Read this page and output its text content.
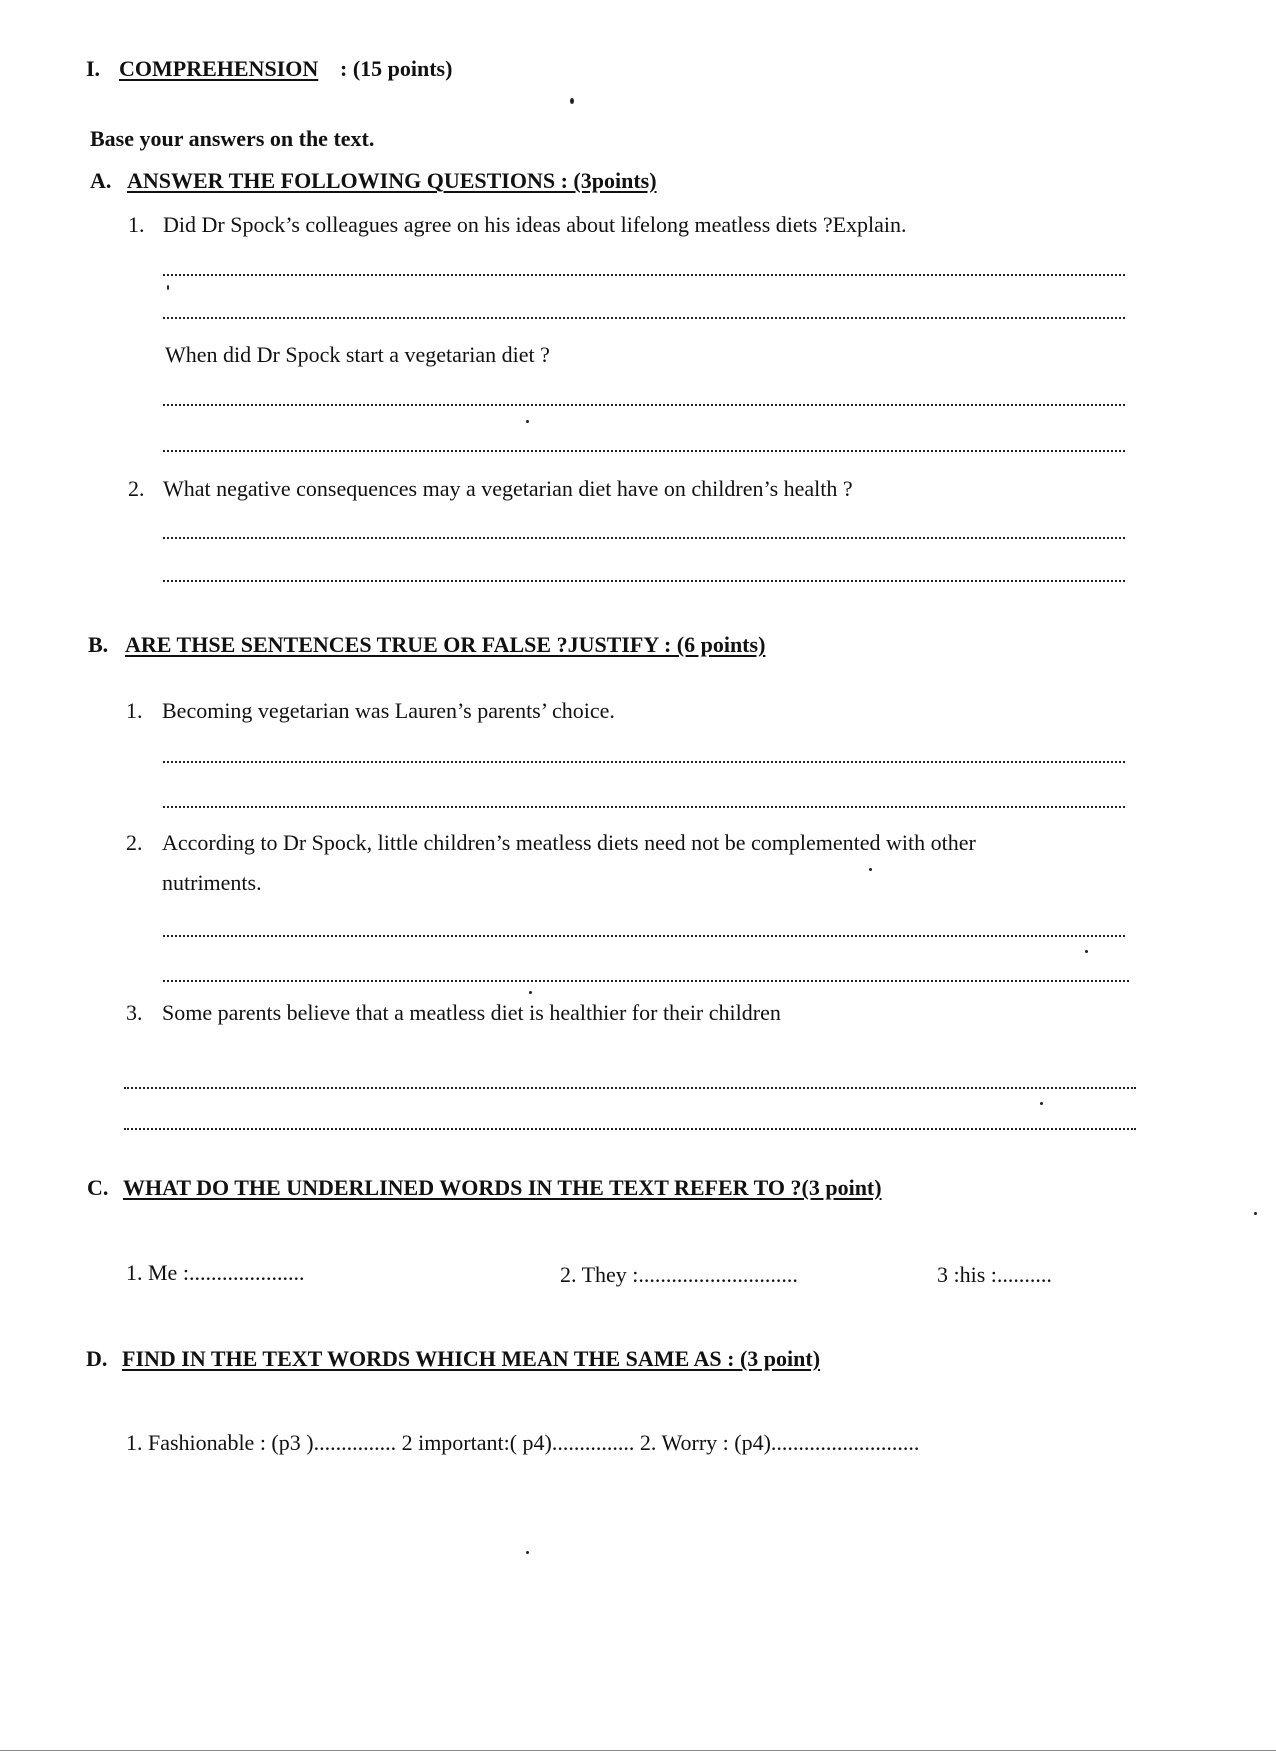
I. COMPREHENSION : (15 points)
Base your answers on the text.
A. ANSWER THE FOLLOWING QUESTIONS : (3points)
1. Did Dr Spock’s colleagues agree on his ideas about lifelong meatless diets ?Explain.
When did Dr Spock start a vegetarian diet ?
2. What negative consequences may a vegetarian diet have on children’s health ?
B. ARE THSE SENTENCES TRUE OR FALSE ?JUSTIFY : (6 points)
1. Becoming vegetarian was Lauren’s parents’ choice.
2. According to Dr Spock, little children’s meatless diets need not be complemented with other
nutriments.
3. Some parents believe that a meatless diet is healthier for their children
C. WHAT DO THE UNDERLINED WORDS IN THE TEXT REFER TO ?(3 point)
1. Me :.....................	2. They :.............................	3 :his :..........
D. FIND IN THE TEXT WORDS WHICH MEAN THE SAME AS : (3 point)
1. Fashionable : (p3 )............... 2 important:( p4)............... 2. Worry : (p4)...........................
